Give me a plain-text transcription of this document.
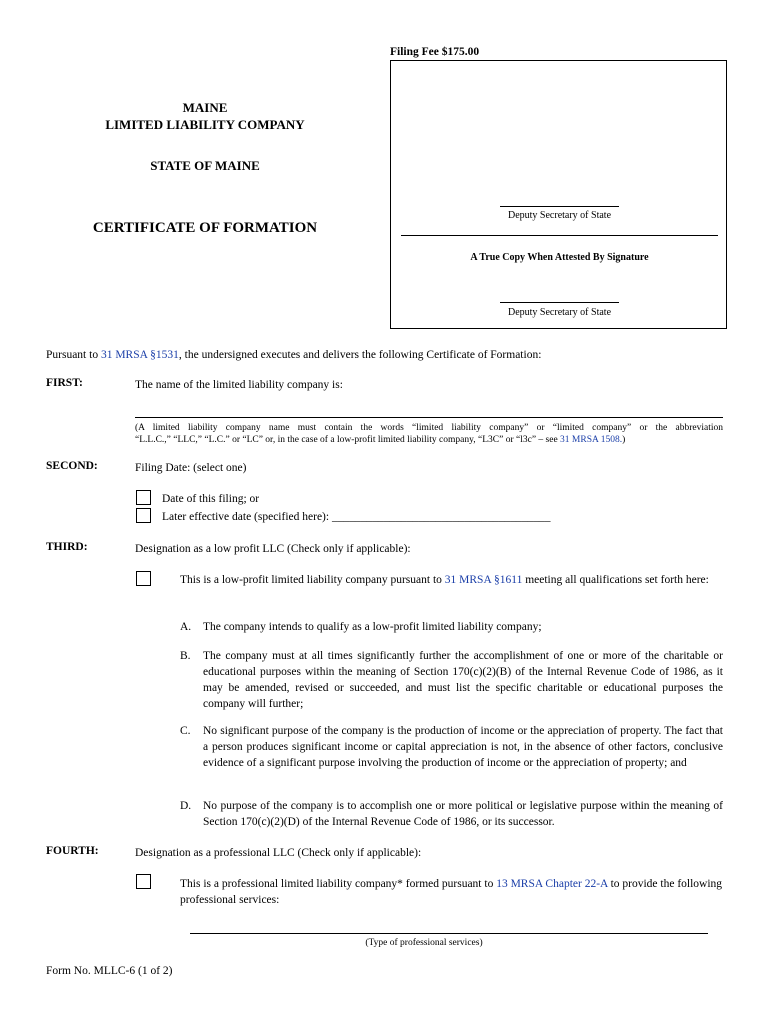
Filing Fee $175.00
MAINE
LIMITED LIABILITY COMPANY
STATE OF MAINE
CERTIFICATE OF FORMATION
Deputy Secretary of State
A True Copy When Attested By Signature
Deputy Secretary of State
Pursuant to 31 MRSA §1531, the undersigned executes and delivers the following Certificate of Formation:
FIRST:	The name of the limited liability company is:
(A limited liability company name must contain the words “limited liability company” or “limited company” or the abbreviation
“L.L.C.,” “LLC,” “L.C.” or “LC” or, in the case of a low-profit limited liability company, “L3C” or “l3c” – see 31 MRSA 1508.)
SECOND:	Filing Date: (select one)
Date of this filing; or
Later effective date (specified here): ______________________________________
THIRD:	Designation as a low profit LLC (Check only if applicable):
This is a low-profit limited liability company pursuant to 31 MRSA §1611 meeting all qualifications set forth here:
A.	The company intends to qualify as a low-profit limited liability company;
B.	The company must at all times significantly further the accomplishment of one or more of the charitable or educational purposes within the meaning of Section 170(c)(2)(B) of the Internal Revenue Code of 1986, as it may be amended, revised or succeeded, and must list the specific charitable or educational purposes the company will further;
C.	No significant purpose of the company is the production of income or the appreciation of property. The fact that a person produces significant income or capital appreciation is not, in the absence of other factors, conclusive evidence of a significant purpose involving the production of income or the appreciation of property; and
D.	No purpose of the company is to accomplish one or more political or legislative purpose within the meaning of Section 170(c)(2)(D) of the Internal Revenue Code of 1986, or its successor.
FOURTH:	Designation as a professional LLC (Check only if applicable):
This is a professional limited liability company* formed pursuant to 13 MRSA Chapter 22-A to provide the following professional services:
(Type of professional services)
Form No. MLLC-6 (1 of 2)
